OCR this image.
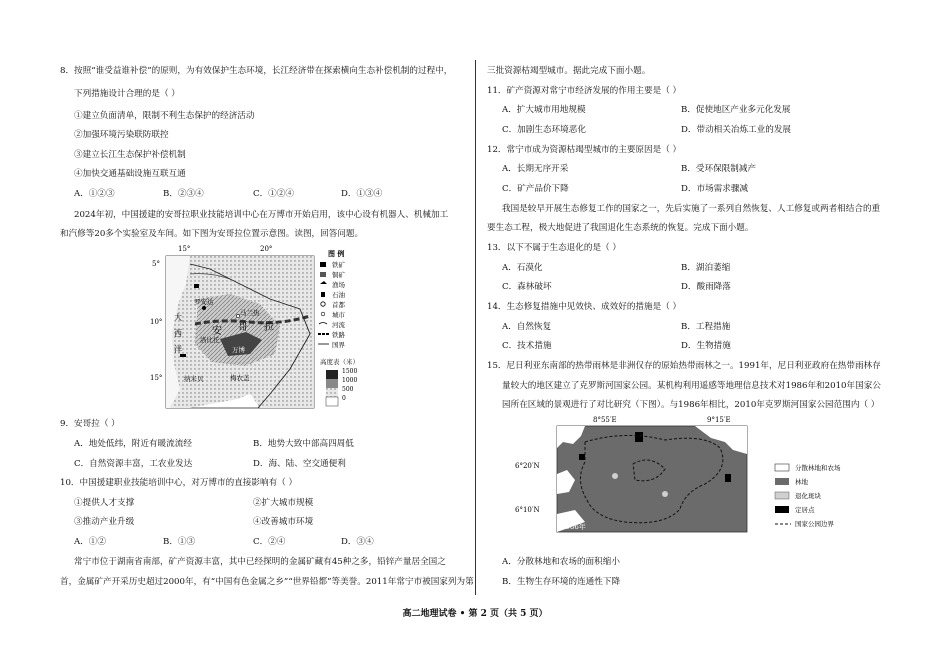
8．按照“谁受益谁补偿”的原则，为有效保护生态环境，长江经济带在探索横向生态补偿机制的过程中，
下列措施设计合理的是（ ）
①建立负面清单，限制不利生态保护的经济活动
②加强环境污染联防联控
③建立长江生态保护补偿机制
④加快交通基础设施互联互通
A．①②③	B．②③④	C．①②④	D．①③④
2024年初，中国援建的安哥拉职业技能培训中心在万博市开始启用，该中心设有机器人、机械加工
和汽修等20多个实验室及车间。如下图为安哥拉位置示意图。读图，回答问题。
15°	20°
5°
10°
15°
罗安达
马兰热
大
西
洋
安 哥 拉
万博
洛比托
纳米贝	梅农盖
图 例
铁矿
铜矿
渔场
石油
首都
城市
河流
铁路
国界
高度表（米）
1500
1000
500
0
9．安哥拉（ ）
A．地处低纬，附近有暖流流经	B．地势大致中部高四周低
C．自然资源丰富，工农业发达	D．海、陆、空交通便利
10．中国援建职业技能培训中心，对万博市的直接影响有（ ）
①提供人才支撑	②扩大城市规模
③推动产业升级	④改善城市环境
A．①②	B．①③	C．②④	D．③④
常宁市位于湖南省南部，矿产资源丰富，其中已经探明的金属矿藏有45种之多，铅锌产量居全国之
首，金属矿产开采历史超过2000年，有“中国有色金属之乡”“世界铅都”等美誉。2011年常宁市被国家列为第
三批资源枯竭型城市。据此完成下面小题。
11．矿产资源对常宁市经济发展的作用主要是（ ）
A．扩大城市用地规模	B．促使地区产业多元化发展
C．加剧生态环境恶化	D．带动相关冶炼工业的发展
12．常宁市成为资源枯竭型城市的主要原因是（ ）
A．长期无序开采	B．受环保限制减产
C．矿产品价下降	D．市场需求骤减
我国是较早开展生态修复工作的国家之一，先后实施了一系列自然恢复、人工修复或两者相结合的重
要生态工程，极大地促进了我国退化生态系统的恢复。完成下面小题。
13．以下不属于生态退化的是（ ）
A．石漠化	B．湖泊萎缩
C．森林破坏	D．酸雨降落
14．生态修复措施中见效快、成效好的措施是（ ）
A．自然恢复	B．工程措施
C．技术措施	D．生物措施
15．尼日利亚东南部的热带雨林是非洲仅存的原始热带雨林之一。1991年，尼日利亚政府在热带雨林存
量较大的地区建立了克罗斯河国家公园。某机构利用遥感等地理信息技术对1986年和2010年国家公
园所在区域的景观进行了对比研究（下图）。与1986年相比，2010年克罗斯河国家公园范围内（ ）
8°55′E	9°15′E
6°20′N
6°10′N
1986年
分散林地和农场
林地
退化斑块
定居点
国家公园边界
A．分散林地和农场的面积缩小
B．生物生存环境的连通性下降
高二地理试卷 • 第 2 页（共 5 页）
